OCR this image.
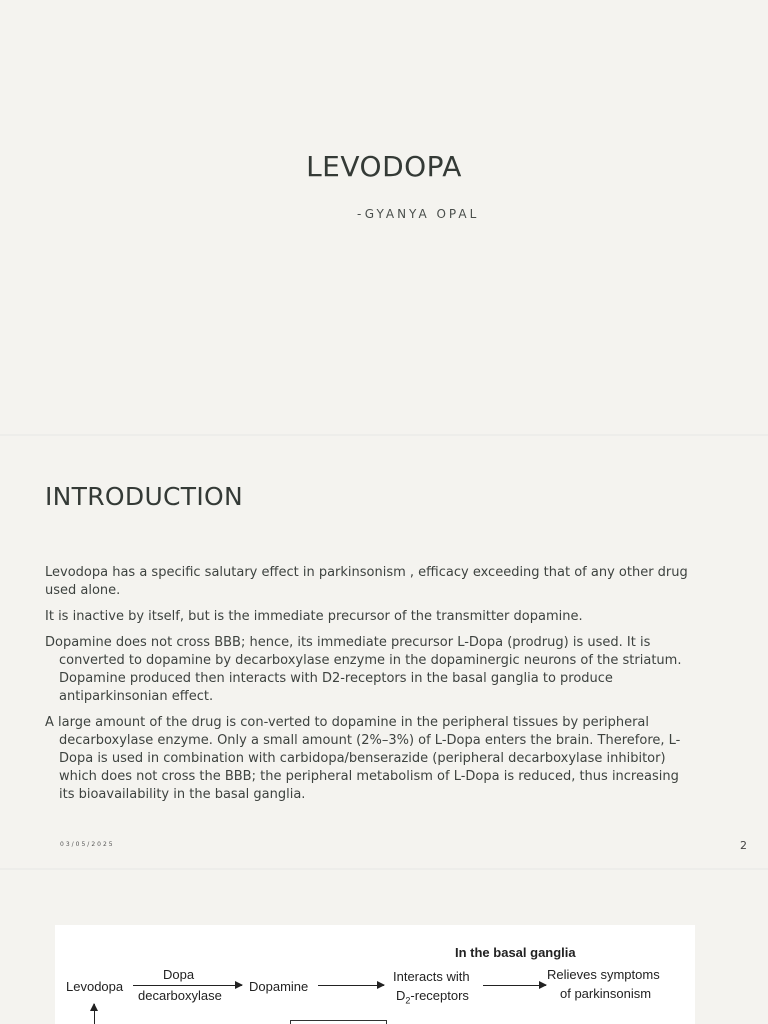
LEVODOPA
-GYANYA OPAL
INTRODUCTION

Levodopa has a specific salutary effect in parkinsonism , efficacy exceeding that of any other drug used alone.

It is inactive by itself, but is the immediate precursor of the transmitter dopamine.

Dopamine does not cross BBB; hence, its immediate precursor L-Dopa (prodrug) is used. It is converted to dopamine by decarboxylase enzyme in the dopaminergic neurons of the striatum. Dopamine produced then interacts with D2-receptors in the basal ganglia to produce antiparkinsonian effect.

A large amount of the drug is con-verted to dopamine in the peripheral tissues by peripheral decarboxylase enzyme. Only a small amount (2%–3%) of L-Dopa enters the brain. Therefore, L-Dopa is used in combination with carbidopa/benserazide (peripheral decarboxylase inhibitor) which does not cross the BBB; the peripheral metabolism of L-Dopa is reduced, thus increasing its bioavailability in the basal ganglia.

03/05/2025	2
In the basal ganglia
Levodopa
Dopa
decarboxylase
Dopamine
Interacts with
$D_2$-receptors
Relieves symptoms
of parkinsonism
